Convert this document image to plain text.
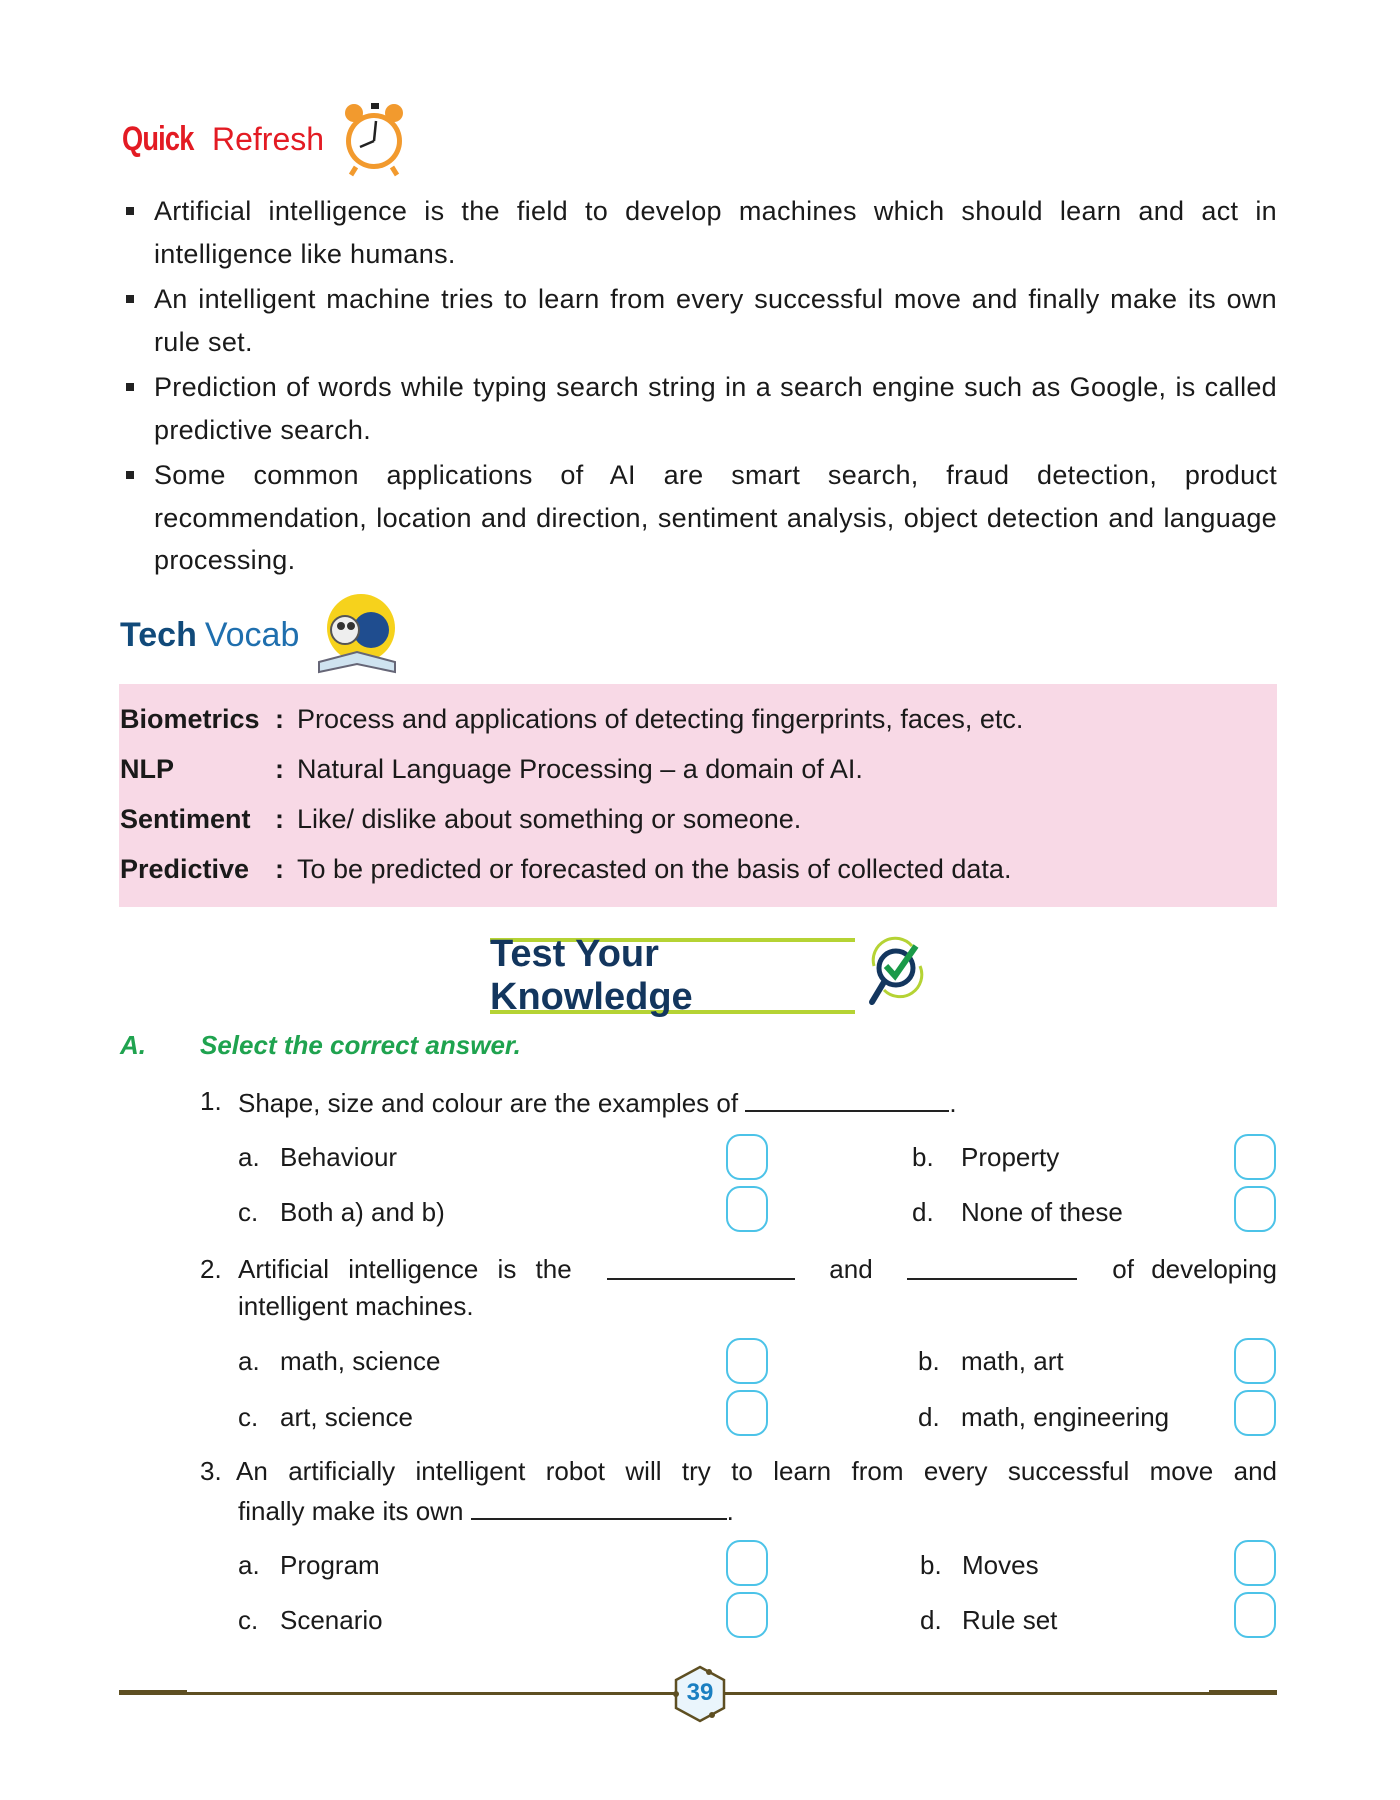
Quick Refresh
Artificial intelligence is the field to develop machines which should learn and act in intelligence like humans.
An intelligent machine tries to learn from every successful move and finally make its own rule set.
Prediction of words while typing search string in a search engine such as Google, is called predictive search.
Some common applications of AI are smart search, fraud detection, product recommendation, location and direction, sentiment analysis, object detection and language processing.
Tech Vocab
Biometrics : Process and applications of detecting fingerprints, faces, etc.
NLP	: Natural Language Processing – a domain of AI.
Sentiment : Like/ dislike about something or someone.
Predictive : To be predicted or forecasted on the basis of collected data.
Test Your Knowledge
A. Select the correct answer.
1. Shape, size and colour are the examples of	.
a. Behaviour	b. Property
c. Both a) and b)	d. None of these
2. Artificial intelligence is the	and	of developing
intelligent machines.
a. math, science	b. math, art
c. art, science	d. math, engineering
3. An artificially intelligent robot will try to learn from every successful move and
finally make its own	.
a. Program	b. Moves
c. Scenario	d. Rule set
39
